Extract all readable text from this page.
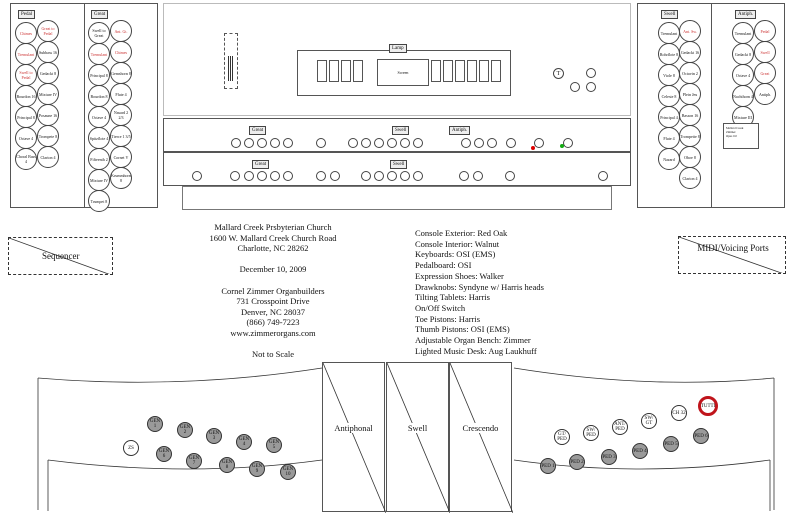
Pedal
Chimes
Tremulant
Swell to Pedal
Bourdon 16
Principal 8
Octave 4
Choral Bass 4
Great to Pedal
Subbass 16
Gedackt 8
Mixture IV
Posaune 16
Trompete 8
Clarion 4
Great
Swell to Great
Tremulant
Principal 8
Bourdon 8
Octave 4
Spitzflote 4
Fifteenth 2
Mixture IV
Trumpet 8
Ant. Gt.
Chimes
Gemshorn 8
Flute 4
Nasard 2 2/3
Tierce 1 3/5
Cornet V
Krummhorn 8
Swell
Tremulant
Rohrflote 8
Viole 8
Celeste 8
Principal 4
Flute 4
Nazard
Ant. Sw.
Gedackt 16
Octavin 2
Plein Jeu
Basson 16
Trompette 8
Oboe 8
Clarion 4
Antiph.
Tremulant
Gedackt 8
Octave 4
Nachthorn 4
Mixture III
Pedal
Swell
Great
Antiph.
Mallard Creek
Zimmer
Opus 0.0
Lamp
Screen	T
Great	Swell	Antiph.
Great	Swell
Sequencer
MIDI/Voicing Ports
Mallard Creek Prsbyterian Church
1600 W. Mallard Creek Church Road
Charlotte, NC 28262
December 10, 2009
Cornel Zimmer Organbuilders
731 Crosspoint Drive
Denver, NC 28037
(866) 749-7223
www.zimmerorgans.com
Not to Scale
Console Exterior: Red Oak
Console Interior: Walnut
Keyboards: OSI (EMS)
Pedalboard: OSI
Expression Shoes: Walker
Drawknobs: Syndyne w/ Harris heads
Tilting Tablets: Harris
On/Off Switch
Toe Pistons: Harris
Thumb Pistons: OSI (EMS)
Adjustable Organ Bench: Zimmer
Lighted Music Desk: Aug Laukhuff
Antiphonal	Swell	Crescendo
GEN 1	GEN 2	GEN 3	GEN 4	GEN 5
ZS
GEN 6	GEN 7	GEN 8	GEN 9	GEN 10
GT/ PED
SW/ PED
ANT/ PED
SW/ GT
CH 32
TUTTI
PED 1
PED 2
PED 3
PED 4
PED 5
PED 6
